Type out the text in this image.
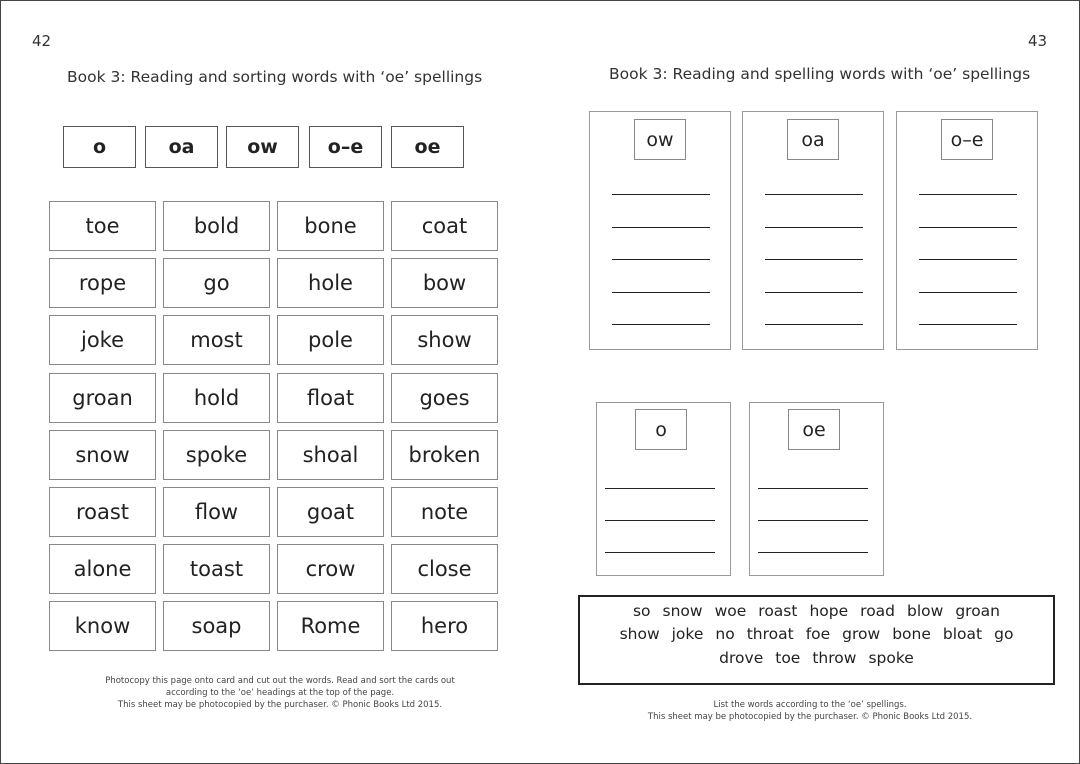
42
Book 3: Reading and sorting words with ‘oe’ spellings
o	oa	ow	o–e	oe
toe	bold	bone	coat
rope	go	hole	bow
joke	most	pole	show
groan	hold	float	goes
snow	spoke	shoal	broken
roast	flow	goat	note
alone	toast	crow	close
know	soap	Rome	hero
Photocopy this page onto card and cut out the words. Read and sort the cards out
according to the ‘oe’ headings at the top of the page.
This sheet may be photocopied by the purchaser. © Phonic Books Ltd 2015.
43
Book 3: Reading and spelling words with ‘oe’ spellings
ow	oa	o–e
o	oe
so snow woe roast hope road blow groan
show joke no throat foe grow bone bloat go
drove toe throw spoke
List the words according to the ‘oe’ spellings.
This sheet may be photocopied by the purchaser. © Phonic Books Ltd 2015.
